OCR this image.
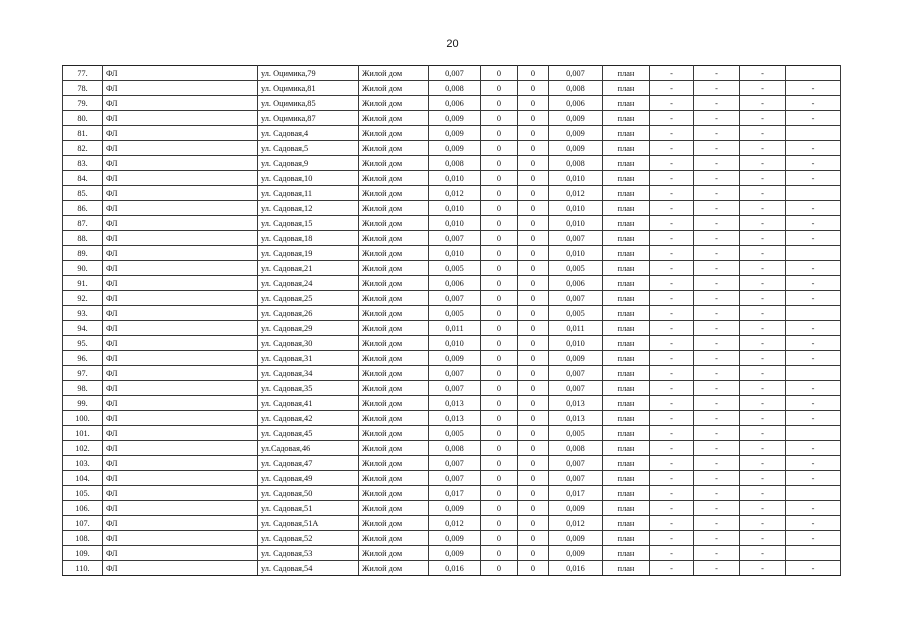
20
77.	ФЛ	ул. Оцимика,79	Жилой дом	0,007	0	0	0,007	план	-	-	-	
78.	ФЛ	ул. Оцимика,81	Жилой дом	0,008	0	0	0,008	план	-	-	-	-
79.	ФЛ	ул. Оцимика,85	Жилой дом	0,006	0	0	0,006	план	-	-	-	-
80.	ФЛ	ул. Оцимика,87	Жилой дом	0,009	0	0	0,009	план	-	-	-	-
81.	ФЛ	ул. Садовая,4	Жилой дом	0,009	0	0	0,009	план	-	-	-	
82.	ФЛ	ул. Садовая,5	Жилой дом	0,009	0	0	0,009	план	-	-	-	-
83.	ФЛ	ул. Садовая,9	Жилой дом	0,008	0	0	0,008	план	-	-	-	-
84.	ФЛ	ул. Садовая,10	Жилой дом	0,010	0	0	0,010	план	-	-	-	-
85.	ФЛ	ул. Садовая,11	Жилой дом	0,012	0	0	0,012	план	-	-	-	
86.	ФЛ	ул. Садовая,12	Жилой дом	0,010	0	0	0,010	план	-	-	-	-
87.	ФЛ	ул. Садовая,15	Жилой дом	0,010	0	0	0,010	план	-	-	-	-
88.	ФЛ	ул. Садовая,18	Жилой дом	0,007	0	0	0,007	план	-	-	-	-
89.	ФЛ	ул. Садовая,19	Жилой дом	0,010	0	0	0,010	план	-	-	-	
90.	ФЛ	ул. Садовая,21	Жилой дом	0,005	0	0	0,005	план	-	-	-	-
91.	ФЛ	ул. Садовая,24	Жилой дом	0,006	0	0	0,006	план	-	-	-	-
92.	ФЛ	ул. Садовая,25	Жилой дом	0,007	0	0	0,007	план	-	-	-	-
93.	ФЛ	ул. Садовая,26	Жилой дом	0,005	0	0	0,005	план	-	-	-	
94.	ФЛ	ул. Садовая,29	Жилой дом	0,011	0	0	0,011	план	-	-	-	-
95.	ФЛ	ул. Садовая,30	Жилой дом	0,010	0	0	0,010	план	-	-	-	-
96.	ФЛ	ул. Садовая,31	Жилой дом	0,009	0	0	0,009	план	-	-	-	-
97.	ФЛ	ул. Садовая,34	Жилой дом	0,007	0	0	0,007	план	-	-	-	
98.	ФЛ	ул. Садовая,35	Жилой дом	0,007	0	0	0,007	план	-	-	-	-
99.	ФЛ	ул. Садовая,41	Жилой дом	0,013	0	0	0,013	план	-	-	-	-
100.	ФЛ	ул. Садовая,42	Жилой дом	0,013	0	0	0,013	план	-	-	-	-
101.	ФЛ	ул. Садовая,45	Жилой дом	0,005	0	0	0,005	план	-	-	-	
102.	ФЛ	ул.Садовая,46	Жилой дом	0,008	0	0	0,008	план	-	-	-	-
103.	ФЛ	ул. Садовая,47	Жилой дом	0,007	0	0	0,007	план	-	-	-	-
104.	ФЛ	ул. Садовая,49	Жилой дом	0,007	0	0	0,007	план	-	-	-	-
105.	ФЛ	ул. Садовая,50	Жилой дом	0,017	0	0	0,017	план	-	-	-	
106.	ФЛ	ул. Садовая,51	Жилой дом	0,009	0	0	0,009	план	-	-	-	-
107.	ФЛ	ул. Садовая,51А	Жилой дом	0,012	0	0	0,012	план	-	-	-	-
108.	ФЛ	ул. Садовая,52	Жилой дом	0,009	0	0	0,009	план	-	-	-	-
109.	ФЛ	ул. Садовая,53	Жилой дом	0,009	0	0	0,009	план	-	-	-	
110.	ФЛ	ул. Садовая,54	Жилой дом	0,016	0	0	0,016	план	-	-	-	-
